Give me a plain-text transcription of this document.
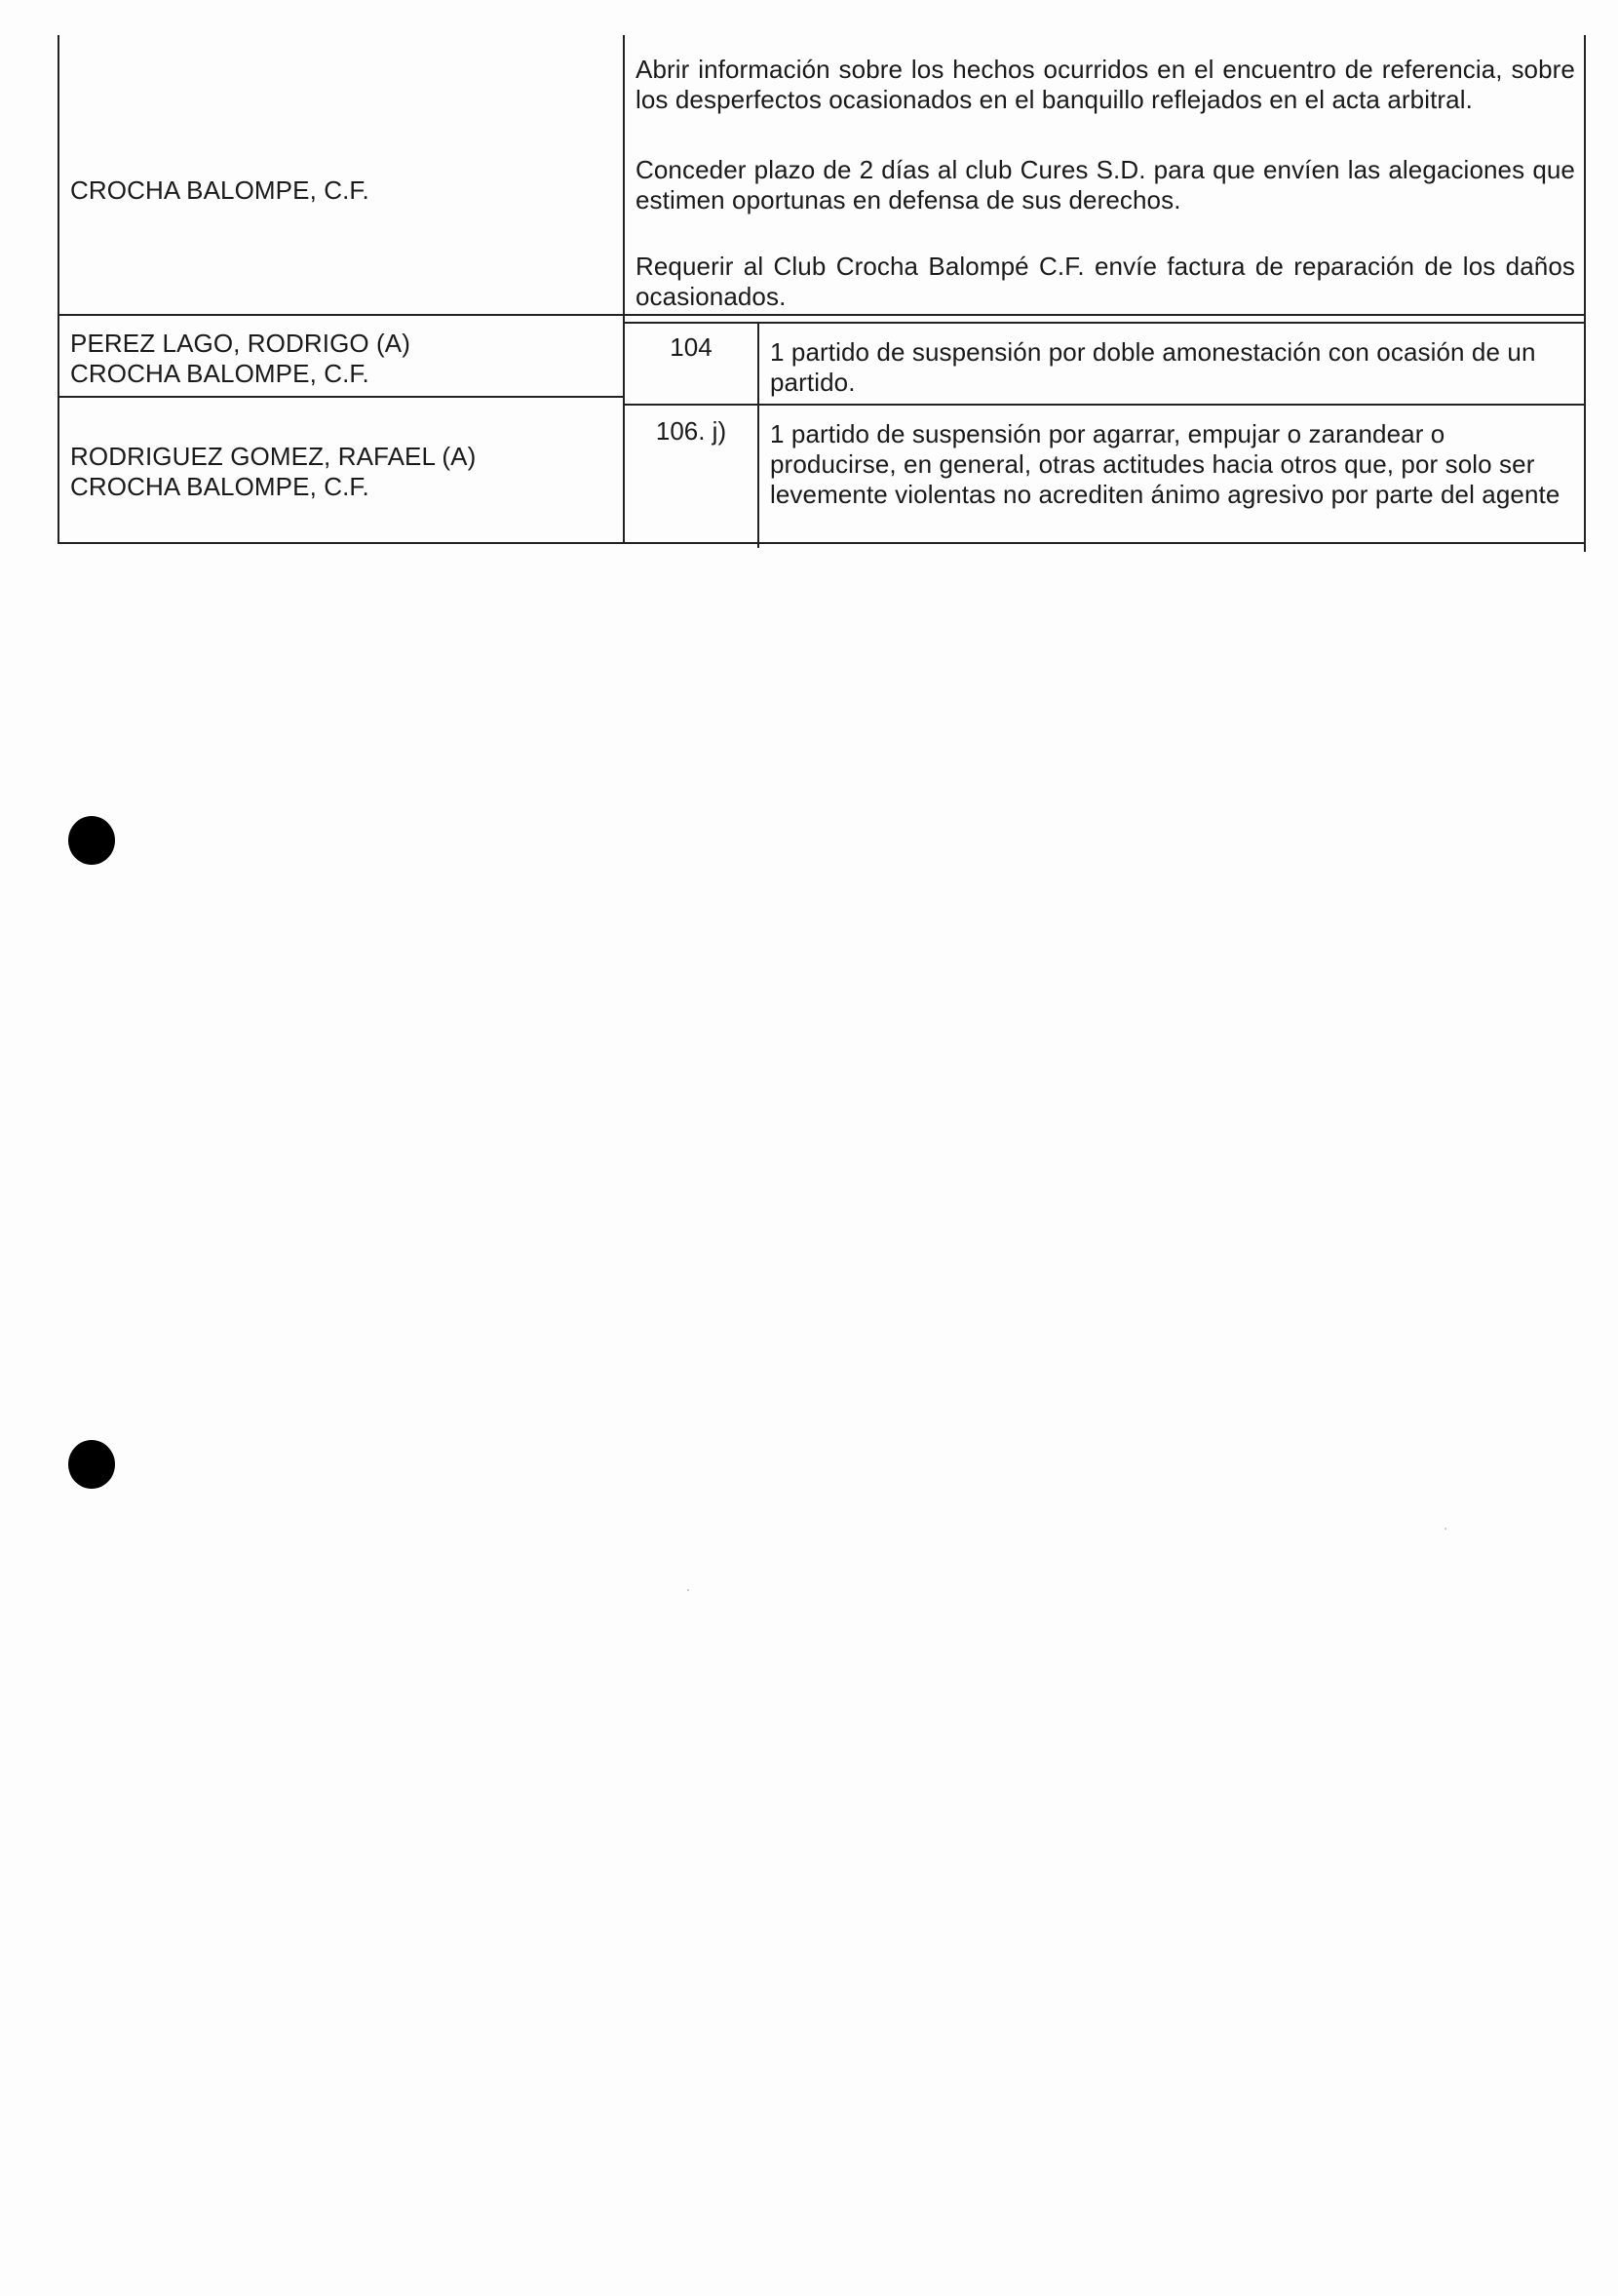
CROCHA BALOMPE, C.F.
Abrir información sobre los hechos ocurridos en el encuentro de referencia, sobre los desperfectos ocasionados en el banquillo reflejados en el acta arbitral.
Conceder plazo de 2 días al club Cures S.D. para que envíen las alegaciones que estimen oportunas en defensa de sus derechos.
Requerir al Club Crocha Balompé C.F. envíe factura de reparación de los daños ocasionados.
PEREZ LAGO, RODRIGO (A)
CROCHA BALOMPE, C.F.
104	1 partido de suspensión por doble amonestación con ocasión de un partido.
RODRIGUEZ GOMEZ, RAFAEL (A)
CROCHA BALOMPE, C.F.
106. j)	1 partido de suspensión por agarrar, empujar o zarandear o producirse, en general, otras actitudes hacia otros que, por solo ser levemente violentas no acrediten ánimo agresivo por parte del agente
